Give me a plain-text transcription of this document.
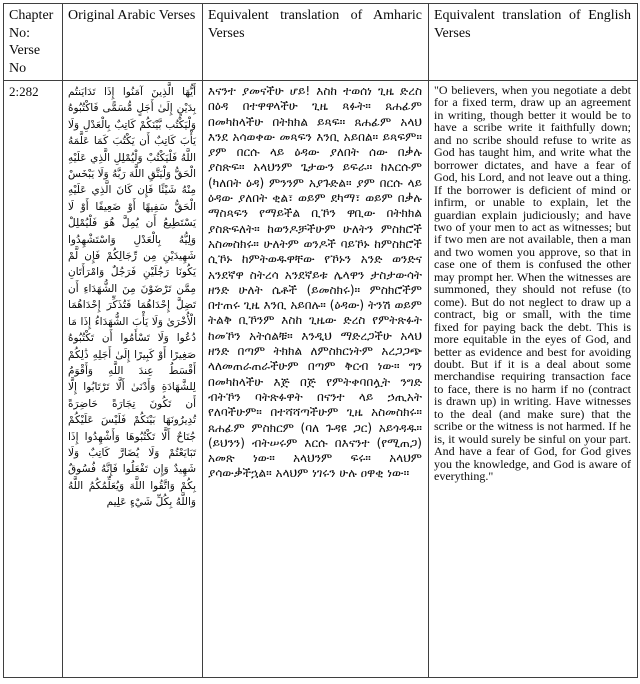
Chapter No: Verse No	Original Arabic Verses	Equivalent translation of Amharic Verses	Equivalent translation of English Verses
2:282	أَيُّهَا الَّذِينَ آمَنُوا إِذَا تَدَايَنتُم بِدَيْنٍ إِلَىٰ أَجَلٍ مُّسَمًّى فَاكْتُبُوهُ وَلْيَكْتُب بَّيْنَكُمْ كَاتِبٌ بِالْعَدْلِ وَلَا يَأْبَ كَاتِبٌ أَن يَكْتُبَ كَمَا عَلَّمَهُ اللَّهُ فَلْيَكْتُبْ وَلْيُمْلِلِ الَّذِي عَلَيْهِ الْحَقُّ وَلْيَتَّقِ اللَّهَ رَبَّهُ وَلَا يَبْخَسْ مِنْهُ شَيْئًا فَإِن كَانَ الَّذِي عَلَيْهِ الْحَقُّ سَفِيهًا أَوْ ضَعِيفًا أَوْ لَا يَسْتَطِيعُ أَن يُمِلَّ هُوَ فَلْيُمْلِلْ وَلِيُّهُ بِالْعَدْلِ وَاسْتَشْهِدُوا شَهِيدَيْنِ مِن رِّجَالِكُمْ فَإِن لَّمْ يَكُونَا رَجُلَيْنِ فَرَجُلٌ وَامْرَأَتَانِ مِمَّن تَرْضَوْنَ مِنَ الشُّهَدَاءِ أَن تَضِلَّ إِحْدَاهُمَا فَتُذَكِّرَ إِحْدَاهُمَا الْأُخْرَىٰ وَلَا يَأْبَ الشُّهَدَاءُ إِذَا مَا دُعُوا وَلَا تَسْأَمُوا أَن تَكْتُبُوهُ صَغِيرًا أَوْ كَبِيرًا إِلَىٰ أَجَلِهِ ذَٰلِكُمْ أَقْسَطُ عِندَ اللَّهِ وَأَقْوَمُ لِلشَّهَادَةِ وَأَدْنَىٰ أَلَّا تَرْتَابُوا إِلَّا أَن تَكُونَ تِجَارَةً حَاضِرَةً تُدِيرُونَهَا بَيْنَكُمْ فَلَيْسَ عَلَيْكُمْ جُنَاحٌ أَلَّا تَكْتُبُوهَا وَأَشْهِدُوا إِذَا تَبَايَعْتُمْ وَلَا يُضَارَّ كَاتِبٌ وَلَا شَهِيدٌ وَإِن تَفْعَلُوا فَإِنَّهُ فُسُوقٌ بِكُمْ وَاتَّقُوا اللَّهَ وَيُعَلِّمُكُمُ اللَّهُ وَاللَّهُ بِكُلِّ شَيْءٍ عَلِيم	እናንተ ያመናችሁ ሆይ! እስከ ተወሰነ ጊዜ ድረስ በዕዳ በተዋዋላችሁ ጊዜ ጻፉት። ጸሐፊም በመካከላችሁ በትክክል ይጻፍ። ጸሐፊም አላህ እንደ አሳወቀው መጻፍን እንቢ አይበል። ይጻፍም። ያም በርሱ ላይ ዕዳው ያለበት ሰው በቃሉ ያስጽፍ። አላህንም ጌታውን ይፍራ። ከእርሱም (ካለበት ዕዳ) ምንንም አያጉድል። ያም በርሱ ላይ ዕዳው ያለበት ቂል፣ ወይም ደካማ፣ ወይም በቃሉ ማስጻፍን የማይችል ቢኾን ዋቢው በትክክል ያስጽፍለት። ከወንዶቻችሁም ሁለትን ምስክሮች አስመስክሩ። ሁለትም ወንዶች ባይኾኑ ከምስክሮች ሲኾኑ ከምትወዱዋቸው የኾኑን አንድ ወንድና አንደኛዋ ስትረሳ አንደኛይቱ ሌላዋን ታስታውሳት ዘንድ ሁለት ሴቶች (ይመስክሩ)። ምስክሮችም በተጠሩ ጊዜ እንቢ አይበሉ። (ዕዳው) ትንሽ ወይም ትልቅ ቢኾንም እስከ ጊዜው ድረስ የምትጽፉት ከመኾን አትሰልቹ። እንዲህ ማድረጋችሁ አላህ ዘንድ በጣም ትክክል ለምስክርነትም አረጋጋጭ ላለመጠራጠራችሁም በጣም ቅርብ ነው። ግን በመካከላችሁ እጅ በጅ የምትቀባበሏት ንግድ ብትኾን ባትጽፉዋት በናንተ ላይ ኃጢአት የለባችሁም። በተሻሻጣችሁም ጊዜ አስመስክሩ። ጸሐፊም ምስክርም (ባለ ጉዳዩ ጋር) አይጎዳዱ። (ይህንን) ብትሠሩም እርሱ በእናንተ (የሚጠጋ) አመጽ ነው። አላህንም ፍሩ። አላህም ያሳውቃችኋል። አላህም ነገሩን ሁሉ ዐዋቂ ነው።	"O believers, when you negotiate a debt for a fixed term, draw up an agreement in writing, though better it would be to have a scribe write it faithfully down; and no scribe should refuse to write as God has taught him, and write what the borrower dictates, and have a fear of God, his Lord, and not leave out a thing. If the borrower is deficient of mind or infirm, or unable to explain, let the guardian explain judiciously; and have two of your men to act as witnesses; but if two men are not available, then a man and two women you approve, so that in case one of them is confused the other may prompt her. When the witnesses are summoned, they should not refuse (to come). But do not neglect to draw up a contract, big or small, with the time fixed for paying back the debt. This is more equitable in the eyes of God, and better as evidence and best for avoiding doubt. But if it is a deal about some merchandise requiring transaction face to face, there is no harm if no (contract is drawn up) in writing. Have witnesses to the deal (and make sure) that the scribe or the witness is not harmed. If he is, it would surely be sinful on your part. And have a fear of God, for God gives you the knowledge, and God is aware of everything."
